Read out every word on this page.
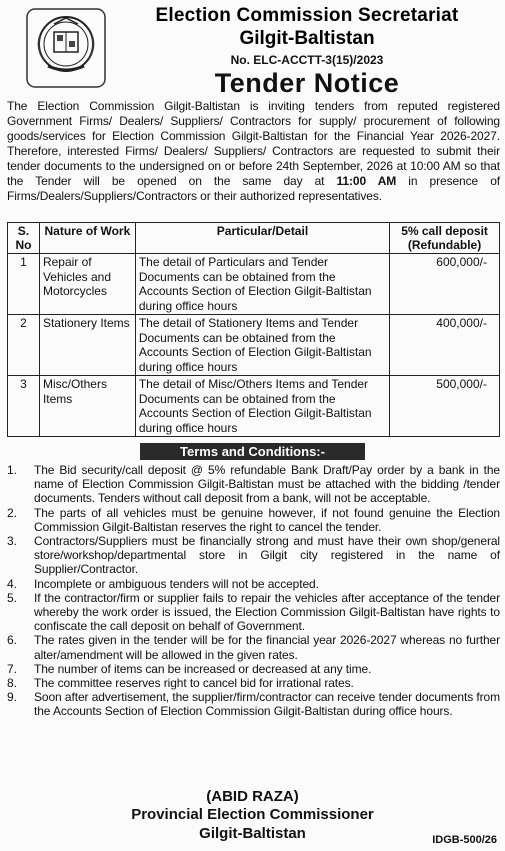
Election Commission Secretariat
Gilgit-Baltistan
No. ELC-ACCTT-3(15)/2023
Tender Notice

The Election Commission Gilgit-Baltistan is inviting tenders from reputed registered Government Firms/ Dealers/ Suppliers/ Contractors for supply/ procurement of following goods/services for Election Commission Gilgit-Baltistan for the Financial Year 2026-2027. Therefore, interested Firms/ Dealers/ Suppliers/ Contractors are requested to submit their tender documents to the undersigned on or before 24th September, 2026 at 10:00 AM so that the Tender will be opened on the same day at 11:00 AM in presence of Firms/Dealers/Suppliers/Contractors or their authorized representatives.

S. No	Nature of Work	Particular/Detail	5% call deposit (Refundable)
1	Repair of Vehicles and Motorcycles	The detail of Particulars and Tender Documents can be obtained from the Accounts Section of Election Gilgit-Baltistan during office hours	600,000/-
2	Stationery Items	The detail of Stationery Items and Tender Documents can be obtained from the Accounts Section of Election Gilgit-Baltistan during office hours	400,000/-
3	Misc/Others Items	The detail of Misc/Others Items and Tender Documents can be obtained from the Accounts Section of Election Gilgit-Baltistan during office hours	500,000/-
Terms and Conditions:-
1.	The Bid security/call deposit @ 5% refundable Bank Draft/Pay order by a bank in the name of Election Commission Gilgit-Baltistan must be attached with the bidding /tender documents. Tenders without call deposit from a bank, will not be acceptable.
2.	The parts of all vehicles must be genuine however, if not found genuine the Election Commission Gilgit-Baltistan reserves the right to cancel the tender.
3.	Contractors/Suppliers must be financially strong and must have their own shop/general store/workshop/departmental store in Gilgit city registered in the name of Supplier/Contractor.
4.	Incomplete or ambiguous tenders will not be accepted.
5.	If the contractor/firm or supplier fails to repair the vehicles after acceptance of the tender whereby the work order is issued, the Election Commission Gilgit-Baltistan have rights to confiscate the call deposit on behalf of Government.
6.	The rates given in the tender will be for the financial year 2026-2027 whereas no further alter/amendment will be allowed in the given rates.
7.	The number of items can be increased or decreased at any time.
8.	The committee reserves right to cancel bid for irrational rates.
9.	Soon after advertisement, the supplier/firm/contractor can receive tender documents from the Accounts Section of Election Commission Gilgit-Baltistan during office hours.
(ABID RAZA)
Provincial Election Commissioner
Gilgit-Baltistan	IDGB-500/26
